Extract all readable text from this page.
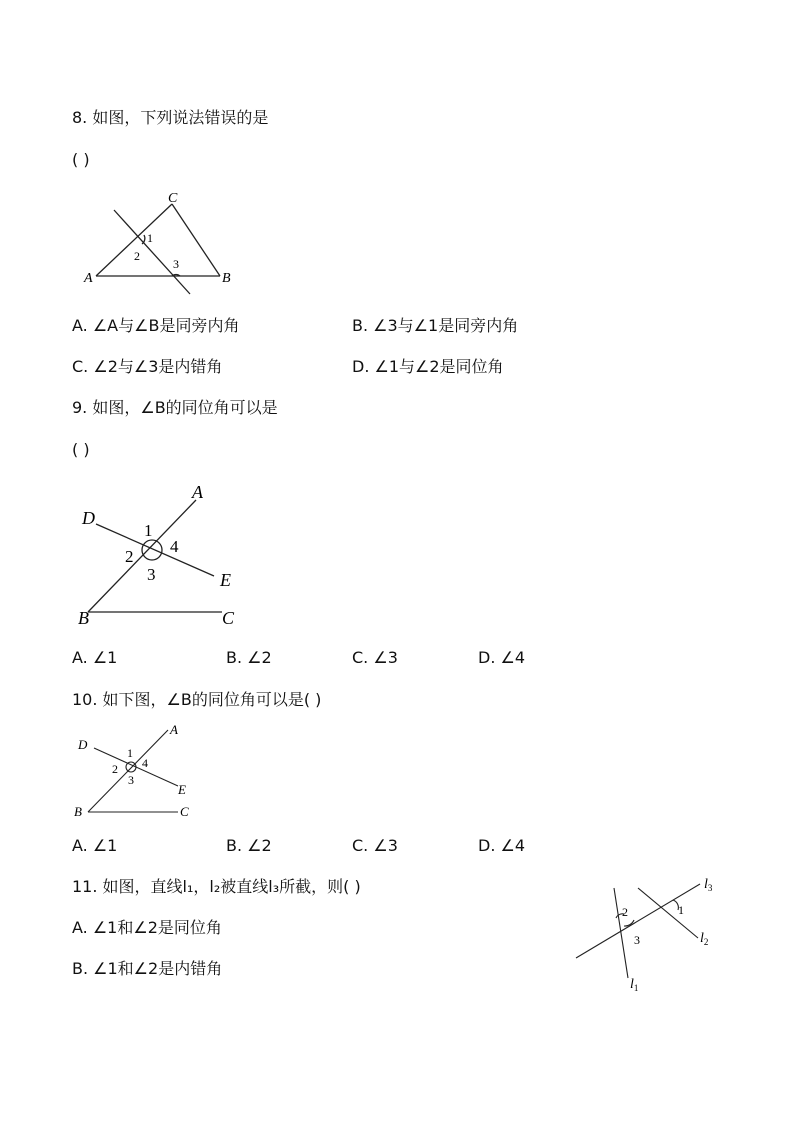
8. 如图，下列说法错误的是
( )
C
A	B
1
2
3
A. ∠A与∠B是同旁内角	B. ∠3与∠1是同旁内角
C. ∠2与∠3是内错角	D. ∠1与∠2是同位角
9. 如图，∠B的同位角可以是
( )
A
D
E
B	C
1
2
3
4
A. ∠1	B. ∠2	C. ∠3	D. ∠4
10. 如下图，∠B的同位角可以是( )
A
D
E
B	C
1
2
3
4
A. ∠1	B. ∠2	C. ∠3	D. ∠4
11. 如图，直线l₁，l₂被直线l₃所截，则( )
A. ∠1和∠2是同位角
B. ∠1和∠2是内错角
2
3
1
$l_3$
$l_2$
$l_1$
